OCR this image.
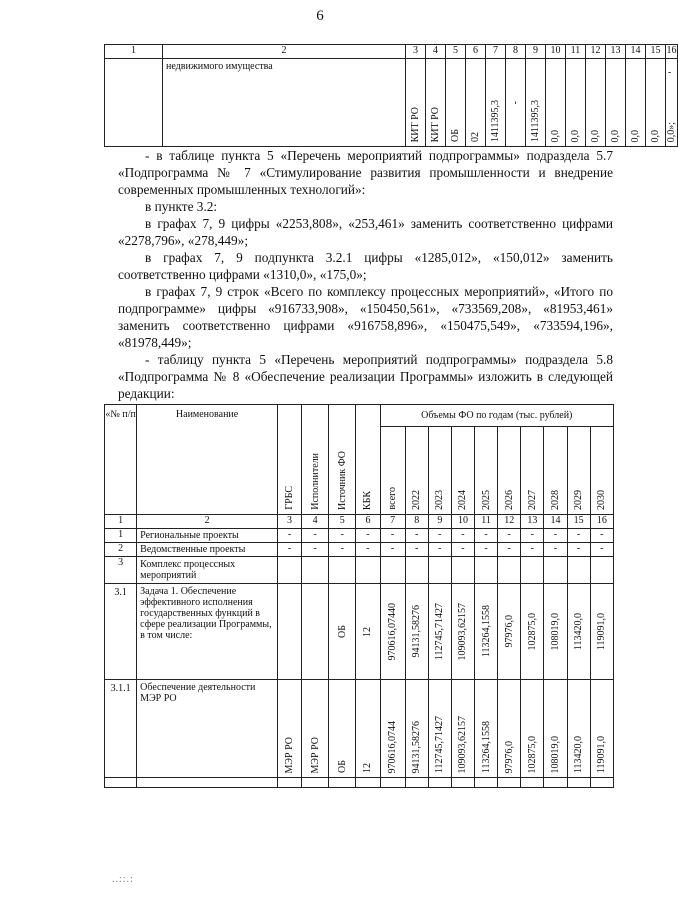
6
1	2	3	4	5	6	7	8	9	10	11	12	13	14	15	16
	недвижимого имущества	КИТ РО	КИТ РО	ОБ	02	1411395,3	-	1411395,3	0,0	0,0	0,0	0,0	0,0	0,0	-
0,0»;

- в таблице пункта 5 «Перечень мероприятий подпрограммы» подраздела 5.7 «Подпрограмма № 7 «Стимулирование развития промышленности и внедрение современных промышленных технологий»:

в пункте 3.2:

в графах 7, 9 цифры «2253,808», «253,461» заменить соответственно цифрами «2278,796», «278,449»;

в графах 7, 9 подпункта 3.2.1 цифры «1285,012», «150,012» заменить соответственно цифрами «1310,0», «175,0»;

в графах 7, 9 строк «Всего по комплексу процессных мероприятий», «Итого по подпрограмме» цифры «916733,908», «150450,561», «733569,208», «81953,461» заменить соответственно цифрами «916758,896», «150475,549», «733594,196», «81978,449»;

- таблицу пункта 5 «Перечень мероприятий подпрограммы» подраздела 5.8 «Подпрограмма № 8 «Обеспечение реализации Программы» изложить в следующей редакции:

«№ п/п	Наименование	ГРБС	Исполнители	Источник ФО	КБК	Объемы ФО по годам (тыс. рублей)									

						всего	2022	2023	2024	2025	2026	2027	2028	2029	2030

1	2	3	4	5	6	7	8	9	10	11	12	13	14	15	16
1	Региональные проекты	-	-	-	-	-	-	-	-	-	-	-	-	-	-
2	Ведомственные проекты	-	-	-	-	-	-	-	-	-	-	-	-	-	-
3	Комплекс процессных мероприятий														
3.1	Задача 1. Обеспечение эффективного исполнения государственных функций в сфере реализации Программы, в том числе:			ОБ	12	970616,07440	94131,58276	112745,71427	109093,62157	113264,1558	97976,0	102875,0	108019,0	113420,0	119091,0

3.1.1	Обеспечение деятельности МЭР РО	МЭР РО	МЭР РО	ОБ	12	970616,0744	94131,58276	112745,71427	109093,62157	113264,1558	97976,0	102875,0	108019,0	113420,0	119091,0

..::.:
